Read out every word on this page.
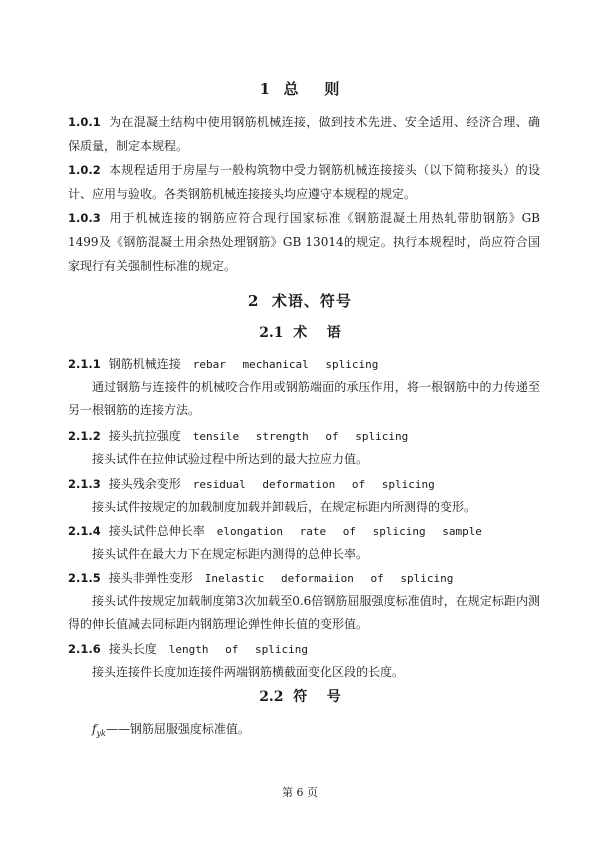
1  总    则
1.0.1 为在混凝土结构中使用钢筋机械连接，做到技术先进、安全适用、经济合理、确保质量，制定本规程。
1.0.2 本规程适用于房屋与一般构筑物中受力钢筋机械连接接头（以下简称接头）的设计、应用与验收。各类钢筋机械连接接头均应遵守本规程的规定。
1.0.3 用于机械连接的钢筋应符合现行国家标准《钢筋混凝土用热轧带肋钢筋》GB 1499及《钢筋混凝土用余热处理钢筋》GB 13014的规定。执行本规程时，尚应符合国家现行有关强制性标准的规定。
2  术语、符号
2.1  术    语
2.1.1 钢筋机械连接 rebar mechanical splicing
通过钢筋与连接件的机械咬合作用或钢筋端面的承压作用，将一根钢筋中的力传递至另一根钢筋的连接方法。
2.1.2 接头抗拉强度 tensile strength of splicing
接头试件在拉伸试验过程中所达到的最大拉应力值。
2.1.3 接头残余变形 residual deformation of splicing
接头试件按规定的加载制度加载并卸载后，在规定标距内所测得的变形。
2.1.4 接头试件总伸长率 elongation rate of splicing sample
接头试件在最大力下在规定标距内测得的总伸长率。
2.1.5 接头非弹性变形 Inelastic deformaiion of splicing
接头试件按规定加载制度第3次加载至0.6倍钢筋屈服强度标准值时，在规定标距内测得的伸长值减去同标距内钢筋理论弹性伸长值的变形值。
2.1.6 接头长度 length of splicing
接头连接件长度加连接件两端钢筋横截面变化区段的长度。
2.2  符    号
$f_{yk}——$钢筋屈服强度标准值。
第 6 页
